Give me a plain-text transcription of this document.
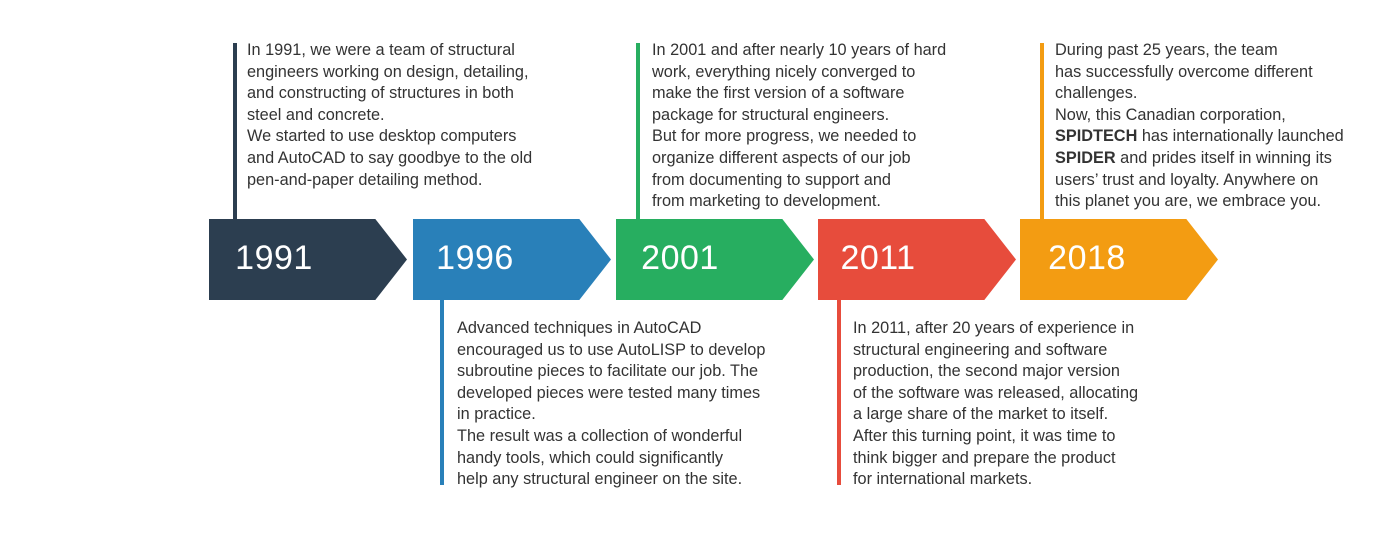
In 1991, we were a team of structural
engineers working on design, detailing,
and constructing of structures in both
steel and concrete.
We started to use desktop computers
and AutoCAD to say goodbye to the old
pen-and-paper detailing method.
1991	1996
Advanced techniques in AutoCAD
encouraged us to use AutoLISP to develop
subroutine pieces to facilitate our job. The
developed pieces were tested many times
in practice.
The result was a collection of wonderful
handy tools, which could significantly
help any structural engineer on the site.
In 2001 and after nearly 10 years of hard
work, everything nicely converged to
make the first version of a software
package for structural engineers.
But for more progress, we needed to
organize different aspects of our job
from documenting to support and
from marketing to development.
2001	2011
In 2011, after 20 years of experience in
structural engineering and software
production, the second major version
of the software was released, allocating
a large share of the market to itself.
After this turning point, it was time to
think bigger and prepare the product
for international markets.
During past 25 years, the team
has successfully overcome different
challenges.
Now, this Canadian corporation,
SPIDTECH has internationally launched
SPIDER and prides itself in winning its
users’ trust and loyalty. Anywhere on
this planet you are, we embrace you.
2018
